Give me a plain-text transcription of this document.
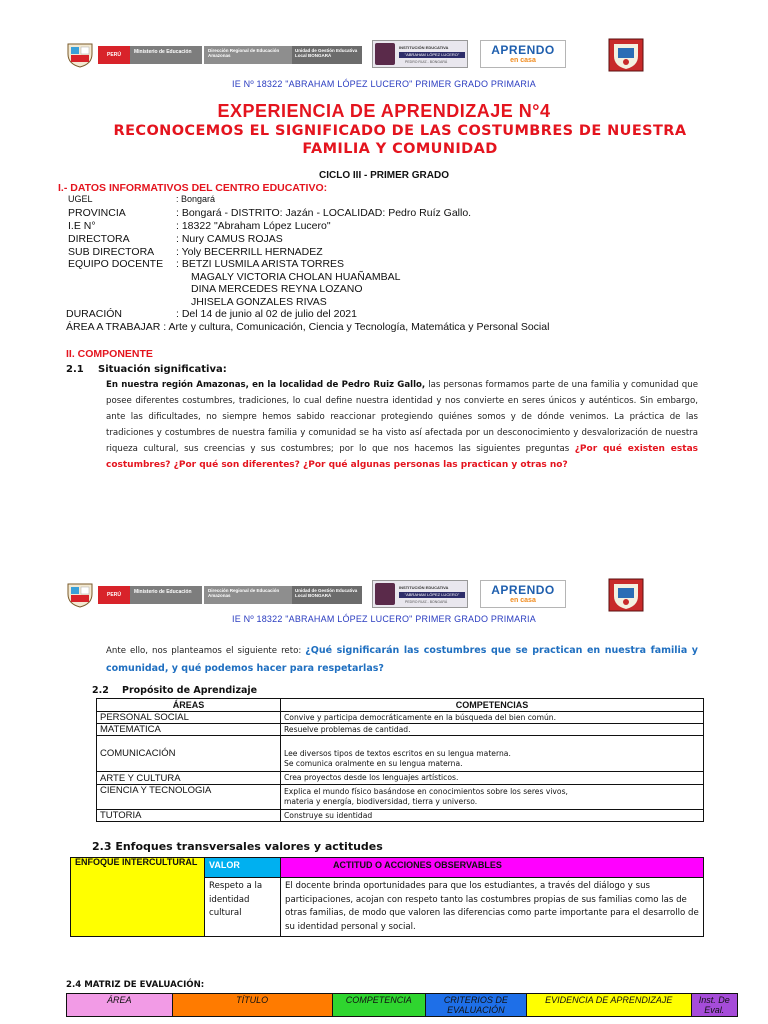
PERÚ	Ministerio de Educación	Dirección Regional de Educación Amazonas
Unidad de Gestión Educativa Local BONGARÁ
INSTITUCIÓN EDUCATIVA
"ABRAHAM LÓPEZ LUCERO"
PEDRO RUIZ - BONGARÁ
APRENDO
en casa
IE Nº 18322 "ABRAHAM LÓPEZ LUCERO" PRIMER GRADO PRIMARIA
EXPERIENCIA DE APRENDIZAJE N°4
RECONOCEMOS EL SIGNIFICADO DE LAS COSTUMBRES DE NUESTRA
FAMILIA Y COMUNIDAD
CICLO III - PRIMER GRADO
I.- DATOS INFORMATIVOS DEL CENTRO EDUCATIVO:
UGEL	: Bongará
PROVINCIA	: Bongará - DISTRITO: Jazán - LOCALIDAD: Pedro Ruíz Gallo.
I.E N°	: 18322 "Abraham López Lucero"
DIRECTORA	: Nury CAMUS ROJAS
SUB DIRECTORA : Yoly BECERRILL HERNADEZ
EQUIPO DOCENTE : BETZI LUSMILA ARISTA TORRES
MAGALY VICTORIA CHOLAN HUAÑAMBAL
DINA MERCEDES REYNA LOZANO
JHISELA GONZALES RIVAS
DURACIÓN	: Del 14 de junio al 02 de julio del 2021
ÁREA A TRABAJAR : Arte y cultura, Comunicación, Ciencia y Tecnología, Matemática y Personal Social
II. COMPONENTE
2.1 Situación significativa:
En nuestra región Amazonas, en la localidad de Pedro Ruiz Gallo, las personas formamos parte de una familia y comunidad que posee diferentes costumbres, tradiciones, lo cual define nuestra identidad y nos convierte en seres únicos y auténticos. Sin embargo, ante las dificultades, no siempre hemos sabido reaccionar protegiendo quiénes somos y de dónde venimos. La práctica de las tradiciones y costumbres de nuestra familia y comunidad se ha visto así afectada por un desconocimiento y desvalorización de nuestra riqueza cultural, sus creencias y sus costumbres; por lo que nos hacemos las siguientes preguntas ¿Por qué existen estas costumbres? ¿Por qué son diferentes? ¿Por qué algunas personas las practican y otras no?
PERÚ	Ministerio de Educación	Dirección Regional de Educación Amazonas
Unidad de Gestión Educativa Local BONGARÁ
INSTITUCIÓN EDUCATIVA
"ABRAHAM LÓPEZ LUCERO"
PEDRO RUIZ - BONGARÁ
APRENDO
en casa
IE Nº 18322 "ABRAHAM LÓPEZ LUCERO" PRIMER GRADO PRIMARIA
Ante ello, nos planteamos el siguiente reto: ¿Qué significarán las costumbres que se practican en nuestra familia y comunidad, y qué podemos hacer para respetarlas?
2.2 Propósito de Aprendizaje
ÁREAS	COMPETENCIAS
PERSONAL SOCIAL	Convive y participa democráticamente en la búsqueda del bien común.
MATEMATICA	Resuelve problemas de cantidad.
COMUNICACIÓN	Lee diversos tipos de textos escritos en su lengua materna.
Se comunica oralmente en su lengua materna.

ARTE Y CULTURA	Crea proyectos desde los lenguajes artísticos.
CIENCIA Y TECNOLOGIA	Explica el mundo físico basándose en conocimientos sobre los seres vivos,
materia y energía, biodiversidad, tierra y universo.

TUTORIA	Construye su identidad
2.3 Enfoques transversales valores y actitudes
ENFOQUE INTERCULTURAL	VALOR	ACTITUD O ACCIONES OBSERVABLES
	Respeto a la identidad cultural	El docente brinda oportunidades para que los estudiantes, a través del diálogo y sus participaciones, acojan con respeto tanto las costumbres propias de sus familias como las de otras familias, de modo que valoren las diferencias como parte importante para el desarrollo de su identidad personal y social.
2.4 MATRIZ DE EVALUACIÓN:
ÁREA	TÍTULO	COMPETENCIA	CRITERIOS DE EVALUACIÓN	EVIDENCIA DE APRENDIZAJE	Inst. De Eval.
